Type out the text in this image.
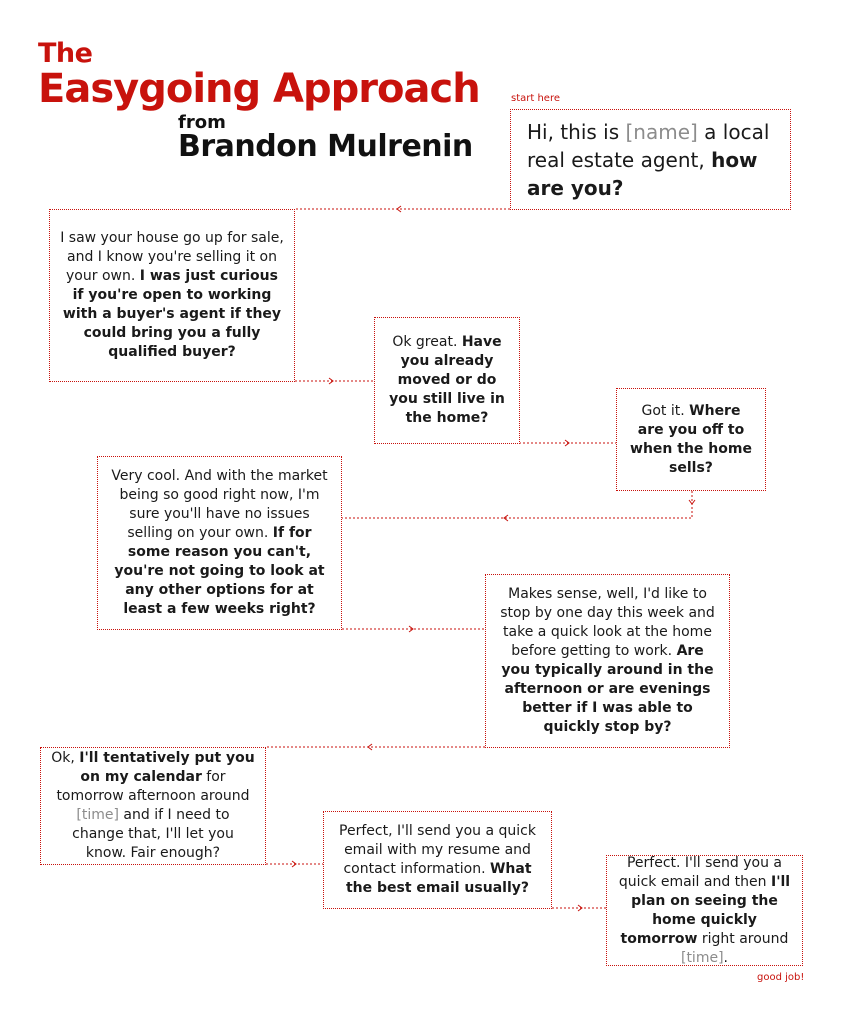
The
Easygoing Approach
from
Brandon Mulrenin
start here
good job!

Hi, this is [name] a local real estate agent, how are you?

I saw your house go up for sale, and I know you're selling it on your own. I was just curious if you're open to working with a buyer's agent if they could bring you a fully qualified buyer?

Ok great. Have you already moved or do you still live in the home?	Got it. Where are you off to when the home sells?

Very cool. And with the market being so good right now, I'm sure you'll have no issues selling on your own. If for some reason you can't, you're not going to look at any other options for at least a few weeks right?

Makes sense, well, I'd like to stop by one day this week and take a quick look at the home before getting to work. Are you typically around in the afternoon or are evenings better if I was able to quickly stop by?

Ok, I'll tentatively put you on my calendar for tomorrow afternoon around [time] and if I need to change that, I'll let you know. Fair enough?

Perfect, I'll send you a quick email with my resume and contact information. What the best email usually?

Perfect. I'll send you a quick email and then I'll plan on seeing the home quickly tomorrow right around [time].
